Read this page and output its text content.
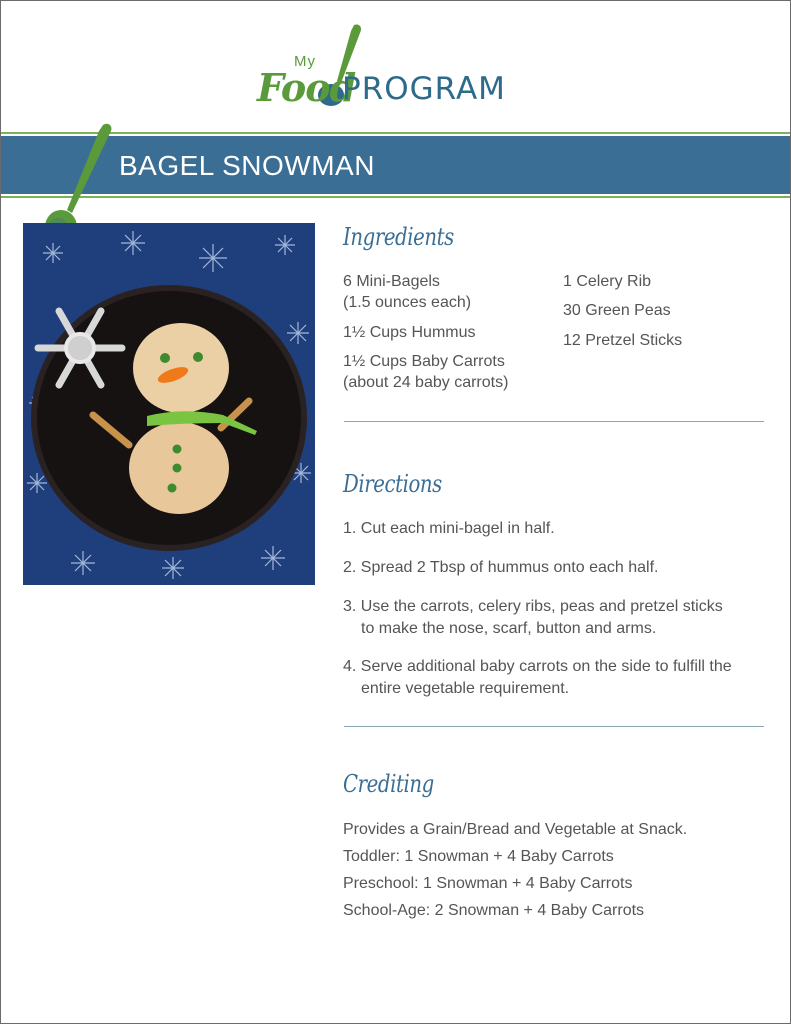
My
Food
PROGRAM
BAGEL SNOWMAN
Ingredients
6 Mini-Bagels
(1.5 ounces each)
1½ Cups Hummus
1½ Cups Baby Carrots
(about 24 baby carrots)
1 Celery Rib
30 Green Peas
12 Pretzel Sticks
Directions
1. Cut each mini-bagel in half.
2. Spread 2 Tbsp of hummus onto each half.
3. Use the carrots, celery ribs, peas and pretzel sticks
to make the nose, scarf, button and arms.
4. Serve additional baby carrots on the side to fulfill the
entire vegetable requirement.
Crediting
Provides a Grain/Bread and Vegetable at Snack.
Toddler: 1 Snowman + 4 Baby Carrots
Preschool: 1 Snowman + 4 Baby Carrots
School-Age: 2 Snowman + 4 Baby Carrots
